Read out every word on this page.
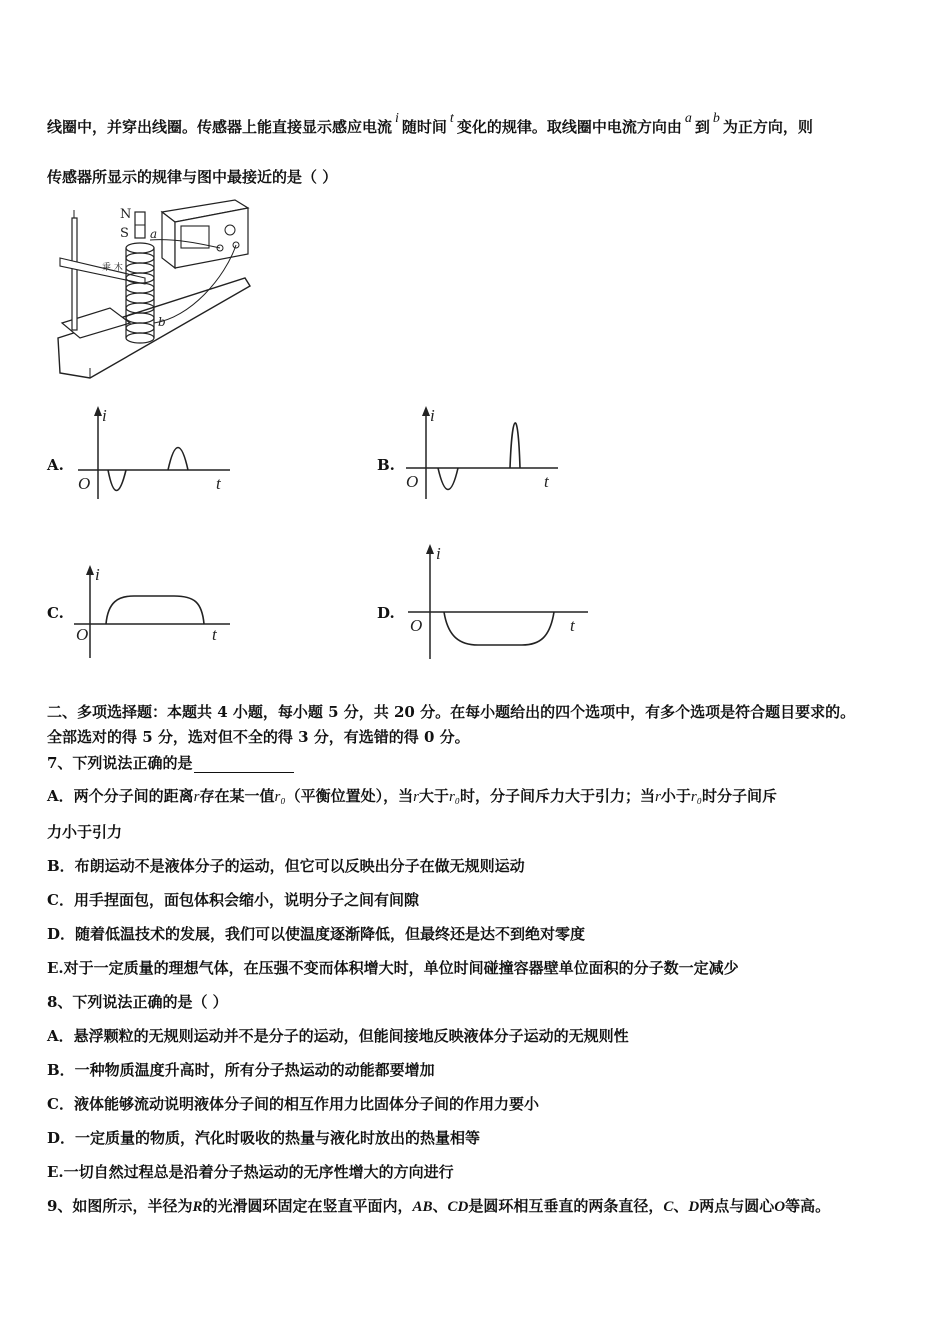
线圈中，并穿出线圈。传感器上能直接显示感应电流 i 随时间 t 变化的规律。取线圈中电流方向由 a 到 b 为正方向，则
传感器所显示的规律与图中最接近的是（ ）
乘 木
N
S a
b
A.
i
t
O
B.
i
t
O
C.
i
t
O
D.
i
t
O
二、多项选择题：本题共 4 小题，每小题 5 分，共 20 分。在每小题给出的四个选项中，有多个选项是符合题目要求的。
全部选对的得 5 分，选对但不全的得 3 分，有选错的得 0 分。
7、下列说法正确的是
A．两个分子间的距离r存在某一值r₀（平衡位置处），当r大于r₀时，分子间斥力大于引力；当r小于r₀时分子间斥
力小于引力
B．布朗运动不是液体分子的运动，但它可以反映出分子在做无规则运动
C．用手捏面包，面包体积会缩小，说明分子之间有间隙
D．随着低温技术的发展，我们可以使温度逐渐降低，但最终还是达不到绝对零度
E.对于一定质量的理想气体，在压强不变而体积增大时，单位时间碰撞容器壁单位面积的分子数一定减少
8、下列说法正确的是（ ）
A．悬浮颗粒的无规则运动并不是分子的运动，但能间接地反映液体分子运动的无规则性
B．一种物质温度升高时，所有分子热运动的动能都要增加
C．液体能够流动说明液体分子间的相互作用力比固体分子间的作用力要小
D．一定质量的物质，汽化时吸收的热量与液化时放出的热量相等
E.一切自然过程总是沿着分子热运动的无序性增大的方向进行
9、如图所示，半径为R的光滑圆环固定在竖直平面内，AB、CD是圆环相互垂直的两条直径，C、D两点与圆心O等高。
